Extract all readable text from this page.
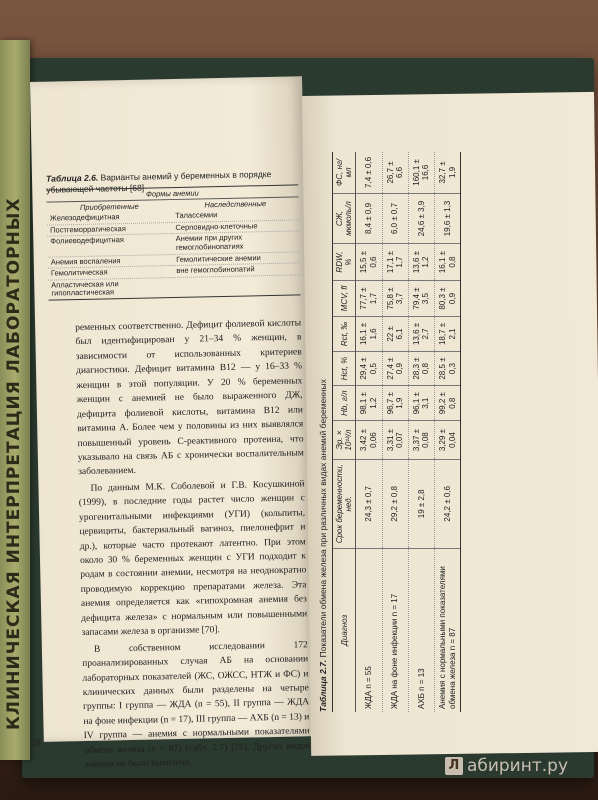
КЛИНИЧЕСКАЯ ИНТЕРПРЕТАЦИЯ ЛАБОРАТОРНЫХ
Таблица 2.6. Варианты анемий у беременных в порядке убывающей частоты [68] Формы анемии	
Приобретенные	Наследственные
Железодефицитная	Талассемии
Постгеморрагическая	Серповидно-клеточные
Фолиеводефицитная	Анемии при других гемоглобинопатиях
Анемия воспаления	Гемолитические анемии
Гемолитическая	вне гемоглобинопатий
Апластическая или гипопластическая	

ременных соответственно. Дефицит фолиевой кислоты был идентифицирован у 21–34 % женщин, в зависимости от использованных критериев диагностики. Дефицит витамина B12 — у 16–33 % женщин в этой популяции. У 20 % беременных женщин с анемией не было выраженного ДЖ, дефицита фолиевой кислоты, витамина B12 или витамина А. Более чем у половины из них выявлялся повышенный уровень С-реактивного протеина, что указывало на связь АБ с хронически воспалительным заболеванием.

По данным М.К. Соболевой и Г.В. Косушкиной (1999), в последние годы растет число женщин с урогенитальными инфекциями (УГИ) (кольпиты, цервициты, бактериальный вагиноз, пиелонефрит и др.), которые часто протекают латентно. При этом около 30 % беременных женщин с УГИ подходит к родам в состоянии анемии, несмотря на неоднократно проводимую коррекцию препаратами железа. Эта анемия определяется как «гипохромная анемия без дефицита железа» с нормальным или повышенными запасами железа в организме [70].

В собственном исследовании 172 проанализированных случая АБ на основании лабораторных показателей (ЖС, ОЖСС, НТЖ и ФС) и клинических данных были разделены на четыре группы: I группа — ЖДА (n = 55), II группа — ЖДА на фоне инфекции (n = 17), III группа — АХБ (n = 13) и IV группа — анемия с нормальными показателями обмена железа (n = 87) (табл. 2.7) [71]. Других видов анемии не было выявлено.

Таблица 2.7. Показатели обмена железа при различных видах анемий беременных Диагноз	Срок беременности, нед.	Эр. × 10¹²/л	Hb, г/л	Hct, %	Rct, ‰	MCV, fl	RDW, %	СЖ, мкмоль/л	ФС, нг/мл
ЖДА n = 55	24,3 ± 0,7	3,42 ± 0,06	98,1 ± 1,2	29,4 ± 0,5	16,1 ± 1,6	77,7 ± 1,7	15,5 ± 0,6	8,4 ± 0,9	7,4 ± 0,6
ЖДА на фоне инфекции n = 17	29,2 ± 0,8	3,31 ± 0,07	96,7 ± 1,9	27,4 ± 0,9	22 ± 6,1	75,8 ± 3,7	17,1 ± 1,7	6,0 ± 0,7	26,7 ± 6,6
АХБ n = 13	19 ± 2,8	3,37 ± 0,08	96,1 ± 3,1	28,3 ± 0,8	13,6 ± 2,7	79,4 ± 3,5	13,6 ± 1,2	24,6 ± 3,9	160,1 ± 16,6
Анемия с нормальными показателями обмена железа n = 87	24,2 ± 0,6	3,29 ± 0,04	99,2 ± 0,8	28,5 ± 0,3	18,7 ± 2,1	80,3 ± 0,9	16,1 ± 0,8	19,6 ± 1,3	32,7 ± 1,9
28
Л абиринт.ру
